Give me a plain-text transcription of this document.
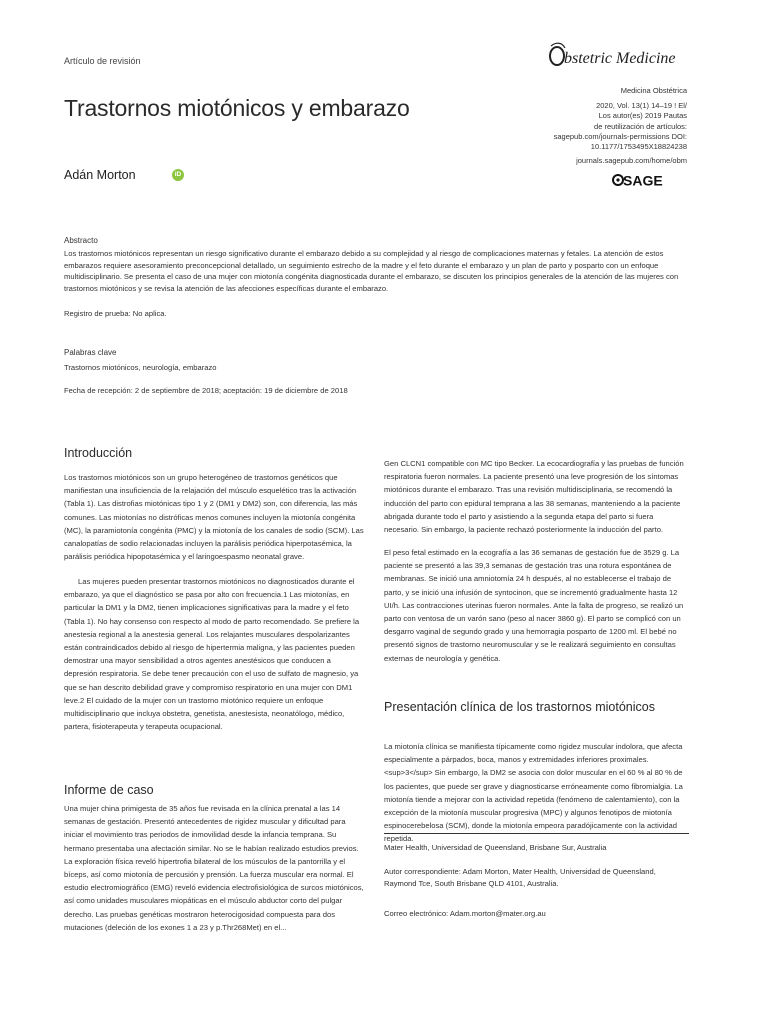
Artículo de revisión	bstetric Medicine
Trastornos miotónicos y embarazo
Medicina Obstétrica
2020, Vol. 13(1) 14–19 ! El/
Los autor(es) 2019 Pautas
de reutilización de artículos:
sagepub.com/journals-permissions DOI:
10.1177/1753495X18824238
journals.sagepub.com/home/obm
SAGE
Adán Morton	iD
Abstracto
Los trastornos miotónicos representan un riesgo significativo durante el embarazo debido a su complejidad y al riesgo de complicaciones maternas y fetales. La atención de estos embarazos requiere asesoramiento preconcepcional detallado, un seguimiento estrecho de la madre y el feto durante el embarazo y un plan de parto y posparto con un enfoque multidisciplinario. Se presenta el caso de una mujer con miotonía congénita diagnosticada durante el embarazo, se discuten los principios generales de la atención de las mujeres con trastornos miotónicos y se revisa la atención de las afecciones específicas durante el embarazo.
Registro de prueba: No aplica.
Palabras clave
Trastornos miotónicos, neurología, embarazo
Fecha de recepción: 2 de septiembre de 2018; aceptación: 19 de diciembre de 2018
Introducción
Los trastornos miotónicos son un grupo heterogéneo de trastornos genéticos que manifiestan una insuficiencia de la relajación del músculo esquelético tras la activación (Tabla 1). Las distrofias miotónicas tipo 1 y 2 (DM1 y DM2) son, con diferencia, las más comunes. Las miotonías no distróficas menos comunes incluyen la miotonía congénita (MC), la paramiotonía congénita (PMC) y la miotonía de los canales de sodio (SCM). Las canalopatías de sodio relacionadas incluyen la parálisis periódica hiperpotasémica, la parálisis periódica hipopotasémica y el laringoespasmo neonatal grave.
Las mujeres pueden presentar trastornos miotónicos no diagnosticados durante el embarazo, ya que el diagnóstico se pasa por alto con frecuencia.1 Las miotonías, en particular la DM1 y la DM2, tienen implicaciones significativas para la madre y el feto (Tabla 1). No hay consenso con respecto al modo de parto recomendado. Se prefiere la anestesia regional a la anestesia general. Los relajantes musculares despolarizantes están contraindicados debido al riesgo de hipertermia maligna, y las pacientes pueden demostrar una mayor sensibilidad a otros agentes anestésicos que conducen a depresión respiratoria. Se debe tener precaución con el uso de sulfato de magnesio, ya que se han descrito debilidad grave y compromiso respiratorio en una mujer con DM1 leve.2 El cuidado de la mujer con un trastorno miotónico requiere un enfoque multidisciplinario que incluya obstetra, genetista, anestesista, neonatólogo, médico, partera, fisioterapeuta y terapeuta ocupacional.
Informe de caso
Una mujer china primigesta de 35 años fue revisada en la clínica prenatal a las 14 semanas de gestación. Presentó antecedentes de rigidez muscular y dificultad para iniciar el movimiento tras periodos de inmovilidad desde la infancia temprana. Su hermano presentaba una afectación similar. No se le habían realizado estudios previos. La exploración física reveló hipertrofia bilateral de los músculos de la pantorrilla y el bíceps, así como miotonía de percusión y prensión. La fuerza muscular era normal. El estudio electromiográfico (EMG) reveló evidencia electrofisiológica de surcos miotónicos, así como unidades musculares miopáticas en el músculo abductor corto del pulgar derecho. Las pruebas genéticas mostraron heterocigosidad compuesta para dos mutaciones (deleción de los exones 1 a 23 y p.Thr268Met) en el...
Gen CLCN1 compatible con MC tipo Becker. La ecocardiografía y las pruebas de función respiratoria fueron normales. La paciente presentó una leve progresión de los síntomas miotónicos durante el embarazo. Tras una revisión multidisciplinaria, se recomendó la inducción del parto con epidural temprana a las 38 semanas, manteniendo a la paciente abrigada durante todo el parto y asistiendo a la segunda etapa del parto si fuera necesario. Sin embargo, la paciente rechazó posteriormente la inducción del parto.
El peso fetal estimado en la ecografía a las 36 semanas de gestación fue de 3529 g. La paciente se presentó a las 39,3 semanas de gestación tras una rotura espontánea de membranas. Se inició una amniotomía 24 h después, al no establecerse el trabajo de parto, y se inició una infusión de syntocinon, que se incrementó gradualmente hasta 12 UI/h. Las contracciones uterinas fueron normales. Ante la falta de progreso, se realizó un parto con ventosa de un varón sano (peso al nacer 3860 g). El parto se complicó con un desgarro vaginal de segundo grado y una hemorragia posparto de 1200 ml. El bebé no presentó signos de trastorno neuromuscular y se le realizará seguimiento en consultas externas de neurología y genética.
Presentación clínica de los trastornos miotónicos
La miotonía clínica se manifiesta típicamente como rigidez muscular indolora, que afecta especialmente a párpados, boca, manos y extremidades inferiores proximales.<sup>3</sup> Sin embargo, la DM2 se asocia con dolor muscular en el 60 % al 80 % de los pacientes, que puede ser grave y diagnosticarse erróneamente como fibromialgia. La miotonía tiende a mejorar con la actividad repetida (fenómeno de calentamiento), con la excepción de la miotonía muscular progresiva (MPC) y algunos fenotipos de miotonía espinocerebelosa (SCM), donde la miotonía empeora paradójicamente con la actividad repetida.
Mater Health, Universidad de Queensland, Brisbane Sur, Australia
Autor correspondiente: Adam Morton, Mater Health, Universidad de Queensland, Raymond Tce, South Brisbane QLD 4101, Australia.
Correo electrónico: Adam.morton@mater.org.au
